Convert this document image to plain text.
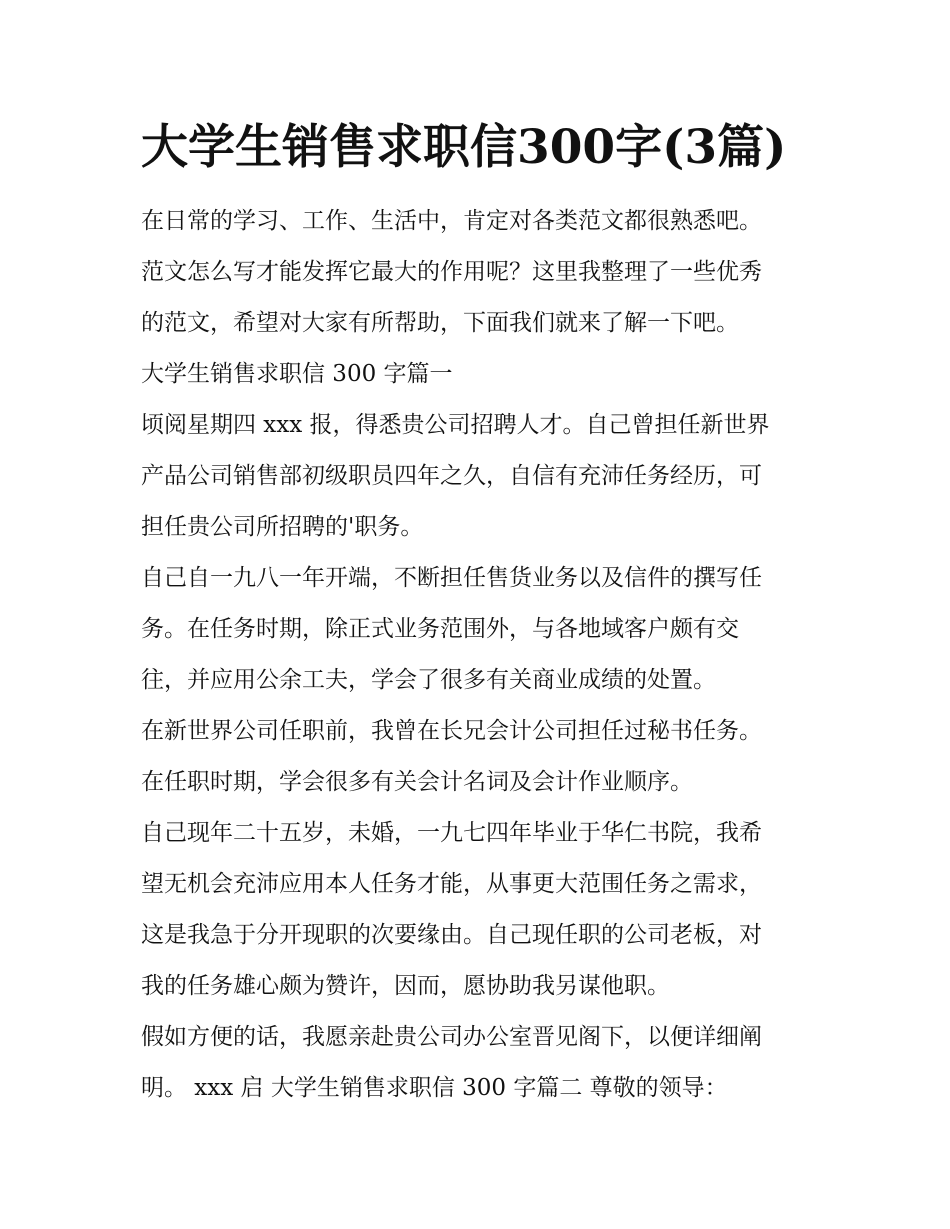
大学生销售求职信300字(3篇)

在日常的学习、工作、生活中，肯定对各类范文都很熟悉吧。

范文怎么写才能发挥它最大的作用呢？这里我整理了一些优秀

的范文，希望对大家有所帮助，下面我们就来了解一下吧。

大学生销售求职信 300 字篇一

顷阅星期四 xxx 报，得悉贵公司招聘人才。自己曾担任新世界

产品公司销售部初级职员四年之久，自信有充沛任务经历，可

担任贵公司所招聘的'职务。

自己自一九八一年开端，不断担任售货业务以及信件的撰写任

务。在任务时期，除正式业务范围外，与各地域客户颇有交

往，并应用公余工夫，学会了很多有关商业成绩的处置。

在新世界公司任职前，我曾在长兄会计公司担任过秘书任务。

在任职时期，学会很多有关会计名词及会计作业顺序。

自己现年二十五岁，未婚，一九七四年毕业于华仁书院，我希

望无机会充沛应用本人任务才能，从事更大范围任务之需求，

这是我急于分开现职的次要缘由。自己现任职的公司老板，对

我的任务雄心颇为赞许，因而，愿协助我另谋他职。

假如方便的话，我愿亲赴贵公司办公室晋见阁下，以便详细阐

明。 xxx 启 大学生销售求职信 300 字篇二 尊敬的领导：
